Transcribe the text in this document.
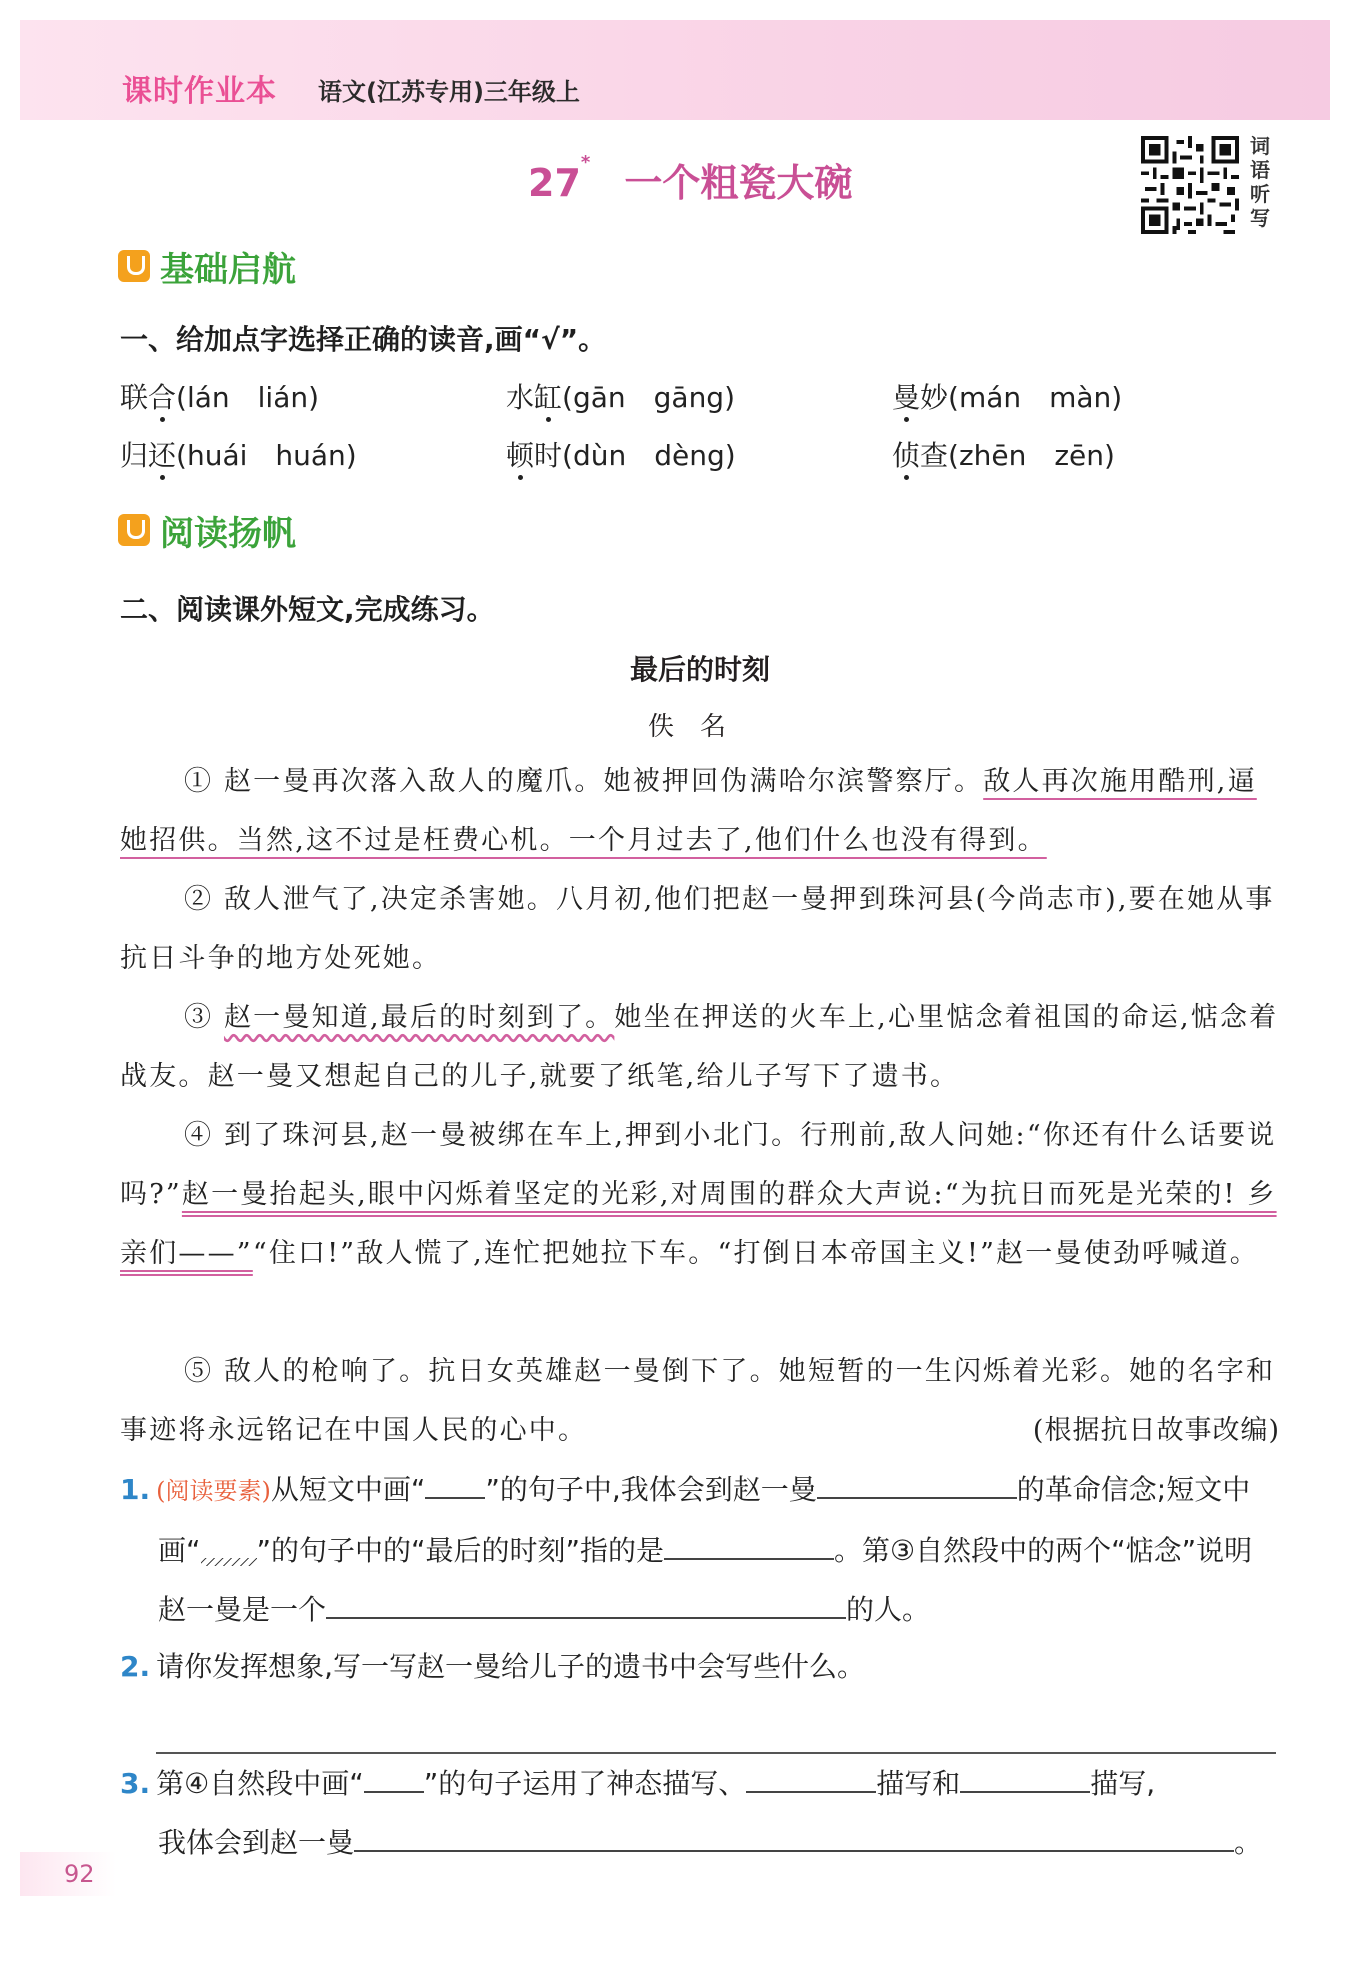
课时作业本 语文(江苏专用)三年级上
27* 一个粗瓷大碗
词
语
听
写
基础启航
一、给加点字选择正确的读音,画“√”。
联合(lán　lián)	水缸(gān　gāng)	曼妙(mán　màn)
归还(huái　huán)	顿时(dùn　dèng)	侦查(zhēn　zēn)
阅读扬帆
二、阅读课外短文,完成练习。
最后的时刻
佚名
① 赵一曼再次落入敌人的魔爪。她被押回伪满哈尔滨警察厅。敌人再次施用酷刑,逼她招供。当然,这不过是枉费心机。一个月过去了,他们什么也没有得到。
② 敌人泄气了,决定杀害她。八月初,他们把赵一曼押到珠河县(今尚志市),要在她从事抗日斗争的地方处死她。
③ 赵一曼知道,最后的时刻到了。她坐在押送的火车上,心里惦念着祖国的命运,惦念着战友。赵一曼又想起自己的儿子,就要了纸笔,给儿子写下了遗书。
④ 到了珠河县,赵一曼被绑在车上,押到小北门。行刑前,敌人问她:“你还有什么话要说吗?”赵一曼抬起头,眼中闪烁着坚定的光彩,对周围的群众大声说:“为抗日而死是光荣的! 乡亲们——”“住口!”敌人慌了,连忙把她拉下车。“打倒日本帝国主义!”赵一曼使劲呼喊道。
⑤ 敌人的枪响了。抗日女英雄赵一曼倒下了。她短暂的一生闪烁着光彩。她的名字和事迹将永远铭记在中国人民的心中。	(根据抗日故事改编)
1. (阅读要素)从短文中画“ ”的句子中,我体会到赵一曼	的革命信念;短文中画“ ”的句子中的“最后的时刻”指的是	。第③自然段中的两个“惦念”说明赵一曼是一个	的人。
2. 请你发挥想象,写一写赵一曼给儿子的遗书中会写些什么。
3. 第④自然段中画“ ”的句子运用了神态描写、	描写和	描写,
我体会到赵一曼	。
92
